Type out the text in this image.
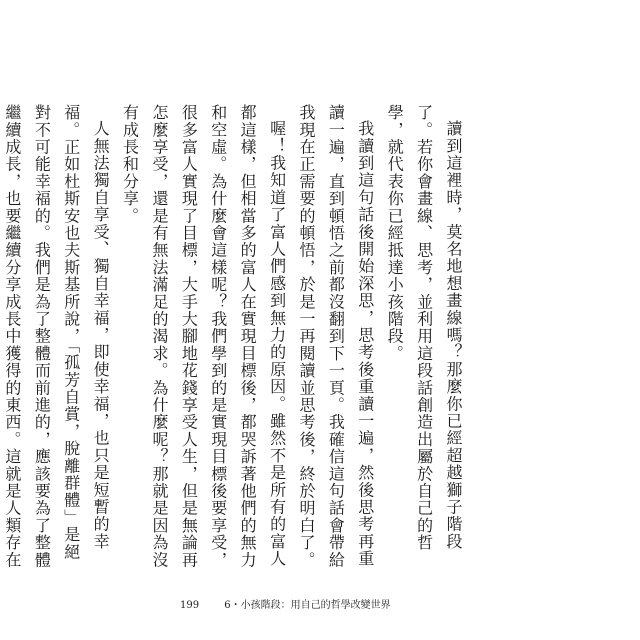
讀到這裡時，莫名地想畫線嗎？那麼你已經超越獅子階段了。若你會畫線、思考，並利用這段話創造出屬於自己的哲學，就代表你已經抵達小孩階段。

我讀到這句話後開始深思，思考後重讀一遍，然後思考再重讀一遍，直到頓悟之前都沒翻到下一頁。我確信這句話會帶給我現在正需要的頓悟，於是一再閱讀並思考後，終於明白了。

喔！我知道了富人們感到無力的原因。雖然不是所有的富人都這樣，但相當多的富人在實現目標後，都哭訴著他們的無力和空虛。為什麼會這樣呢？我們學到的是實現目標後要享受，很多富人實現了目標，大手大腳地花錢享受人生，但是無論再怎麼享受，還是有無法滿足的渴求。為什麼呢？那就是因為沒有成長和分享。

人無法獨自享受、獨自幸福，即使幸福，也只是短暫的幸福。正如杜斯安也夫斯基所說，「孤芳自賞，脫離群體」是絕對不可能幸福的。我們是為了整體而前進的，應該要為了整體繼續成長，也要繼續分享成長中獲得的東西。這就是人類存在

199	6・小孩階段：用自己的哲學改變世界
